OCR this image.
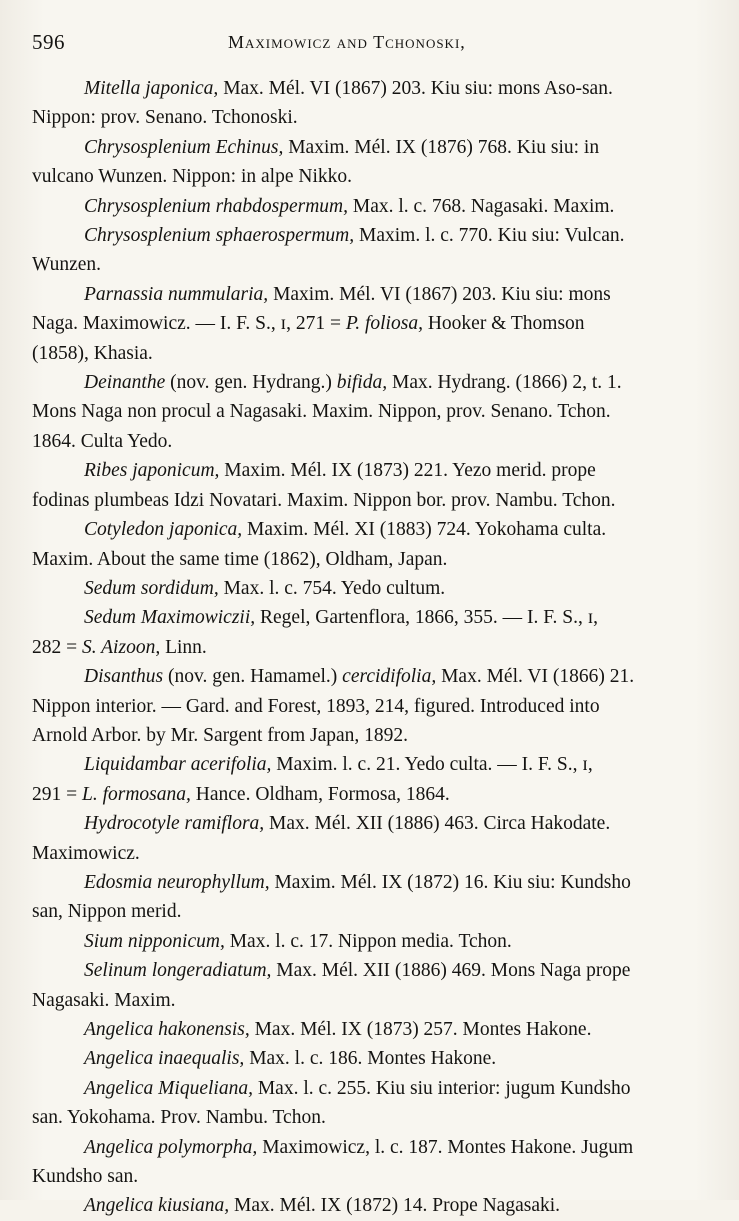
596	Maximowicz and Tchonoski,

Mitella japonica, Max. Mél. VI (1867) 203. Kiu siu: mons Aso-san.
Nippon: prov. Senano. Tchonoski.

Chrysosplenium Echinus, Maxim. Mél. IX (1876) 768. Kiu siu: in
vulcano Wunzen. Nippon: in alpe Nikko.

Chrysosplenium rhabdospermum, Max. l. c. 768. Nagasaki. Maxim.

Chrysosplenium sphaerospermum, Maxim. l. c. 770. Kiu siu: Vulcan.
Wunzen.

Parnassia nummularia, Maxim. Mél. VI (1867) 203. Kiu siu: mons
Naga. Maximowicz. — I. F. S., ɪ, 271 = P. foliosa, Hooker & Thomson
(1858), Khasia.

Deinanthe (nov. gen. Hydrang.) bifida, Max. Hydrang. (1866) 2, t. 1.
Mons Naga non procul a Nagasaki. Maxim. Nippon, prov. Senano. Tchon.
1864. Culta Yedo.

Ribes japonicum, Maxim. Mél. IX (1873) 221. Yezo merid. prope
fodinas plumbeas Idzi Novatari. Maxim. Nippon bor. prov. Nambu. Tchon.

Cotyledon japonica, Maxim. Mél. XI (1883) 724. Yokohama culta.
Maxim. About the same time (1862), Oldham, Japan.

Sedum sordidum, Max. l. c. 754. Yedo cultum.

Sedum Maximowiczii, Regel, Gartenflora, 1866, 355. — I. F. S., ɪ,
282 = S. Aizoon, Linn.

Disanthus (nov. gen. Hamamel.) cercidifolia, Max. Mél. VI (1866) 21.
Nippon interior. — Gard. and Forest, 1893, 214, figured. Introduced into
Arnold Arbor. by Mr. Sargent from Japan, 1892.

Liquidambar acerifolia, Maxim. l. c. 21. Yedo culta. — I. F. S., ɪ,
291 = L. formosana, Hance. Oldham, Formosa, 1864.

Hydrocotyle ramiflora, Max. Mél. XII (1886) 463. Circa Hakodate.
Maximowicz.

Edosmia neurophyllum, Maxim. Mél. IX (1872) 16. Kiu siu: Kundsho
san, Nippon merid.

Sium nipponicum, Max. l. c. 17. Nippon media. Tchon.

Selinum longeradiatum, Max. Mél. XII (1886) 469. Mons Naga prope
Nagasaki. Maxim.

Angelica hakonensis, Max. Mél. IX (1873) 257. Montes Hakone.

Angelica inaequalis, Max. l. c. 186. Montes Hakone.

Angelica Miqueliana, Max. l. c. 255. Kiu siu interior: jugum Kundsho
san. Yokohama. Prov. Nambu. Tchon.

Angelica polymorpha, Maximowicz, l. c. 187. Montes Hakone. Jugum
Kundsho san.

Angelica kiusiana, Max. Mél. IX (1872) 14. Prope Nagasaki.
